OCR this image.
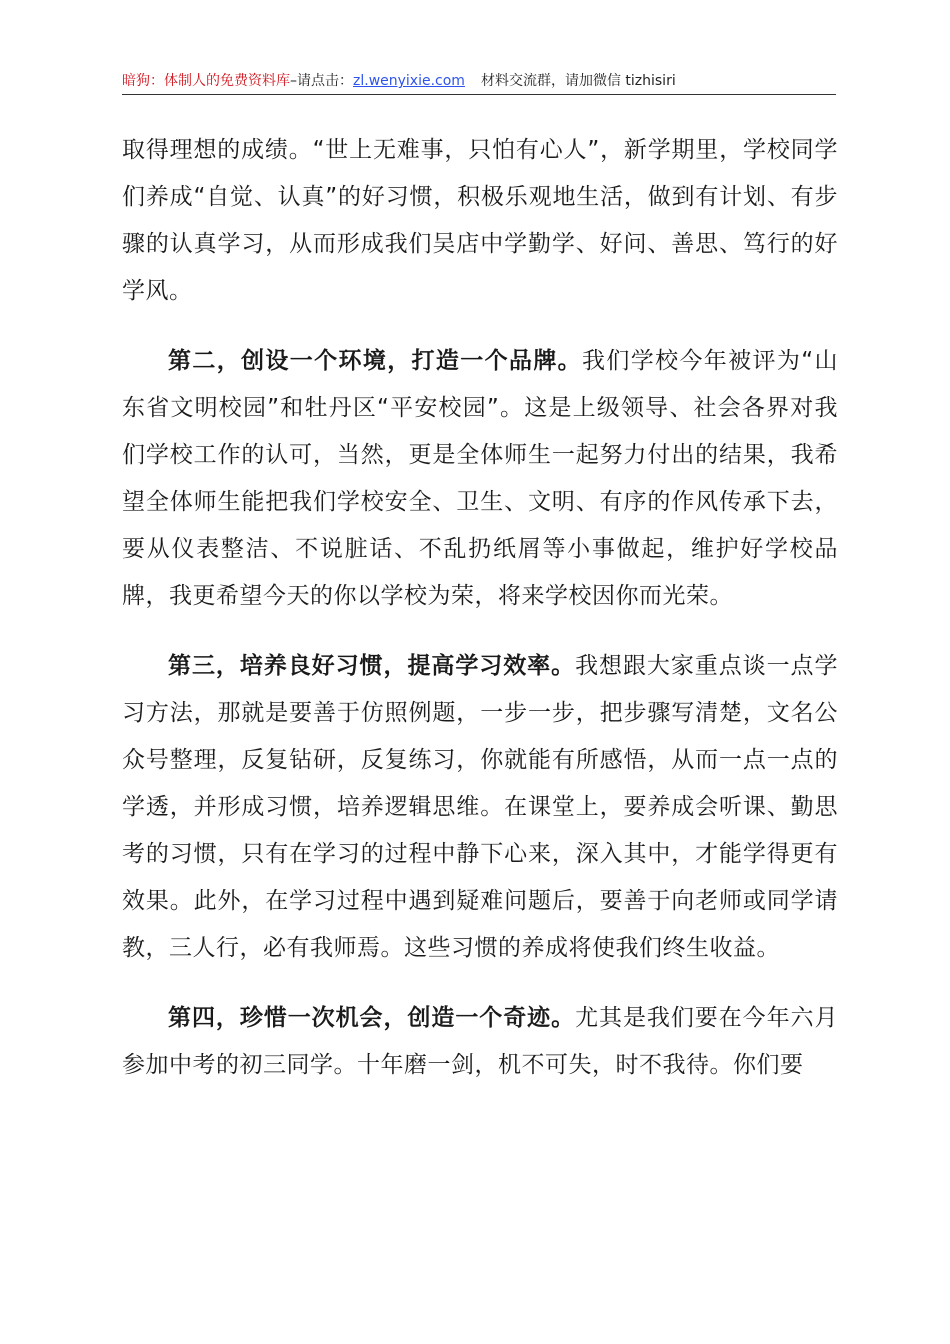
暗狗：体制人的免费资料库–请点击：zl.wenyixie.com 材料交流群，请加微信 tizhisiri

取得理想的成绩。“世上无难事，只怕有心人”，新学期里，学校同学们养成“自觉、认真”的好习惯，积极乐观地生活，做到有计划、有步骤的认真学习，从而形成我们吴店中学勤学、好问、善思、笃行的好学风。

第二，创设一个环境，打造一个品牌。我们学校今年被评为“山东省文明校园”和牡丹区“平安校园”。这是上级领导、社会各界对我们学校工作的认可，当然，更是全体师生一起努力付出的结果，我希望全体师生能把我们学校安全、卫生、文明、有序的作风传承下去，要从仪表整洁、不说脏话、不乱扔纸屑等小事做起，维护好学校品牌，我更希望今天的你以学校为荣，将来学校因你而光荣。

第三，培养良好习惯，提高学习效率。我想跟大家重点谈一点学习方法，那就是要善于仿照例题，一步一步，把步骤写清楚，文名公众号整理，反复钻研，反复练习，你就能有所感悟，从而一点一点的学透，并形成习惯，培养逻辑思维。在课堂上，要养成会听课、勤思考的习惯，只有在学习的过程中静下心来，深入其中，才能学得更有效果。此外，在学习过程中遇到疑难问题后，要善于向老师或同学请教，三人行，必有我师焉。这些习惯的养成将使我们终生收益。

第四，珍惜一次机会，创造一个奇迹。尤其是我们要在今年六月参加中考的初三同学。十年磨一剑，机不可失，时不我待。你们要
